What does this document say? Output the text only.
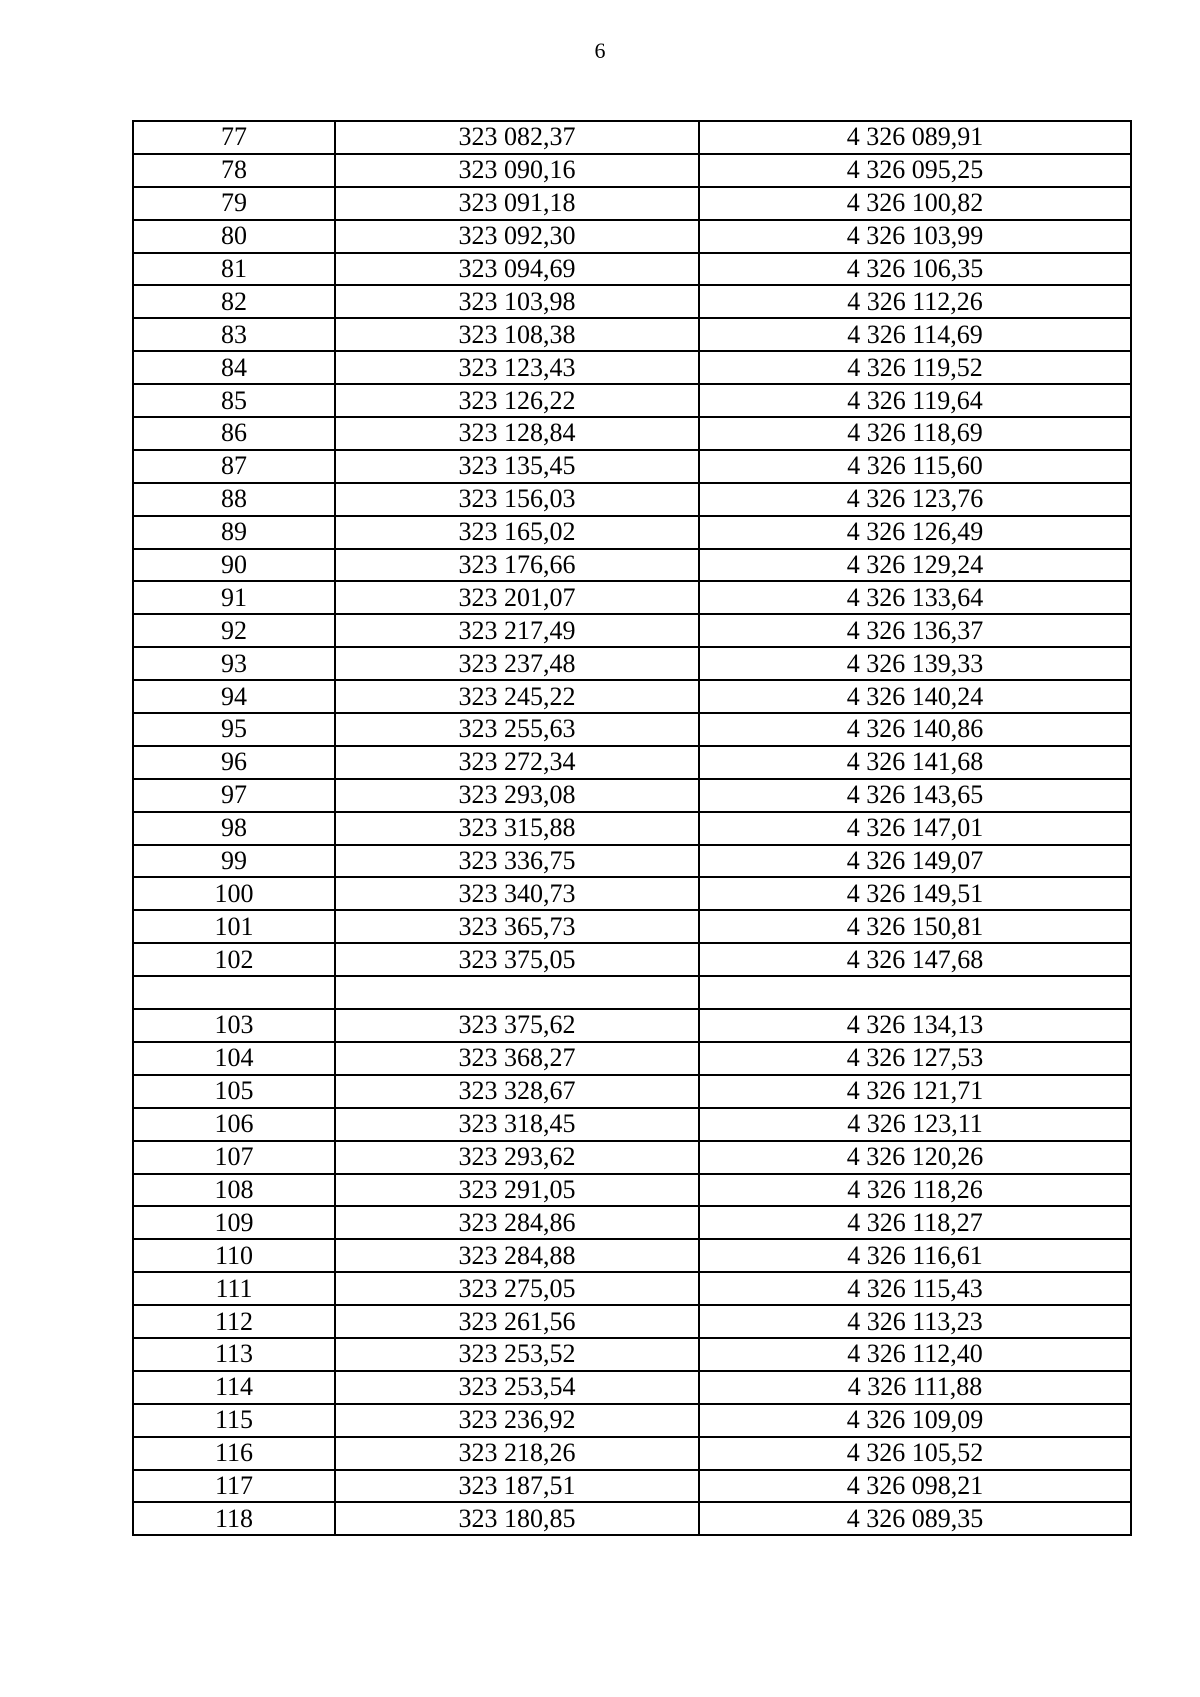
6
77	323 082,37	4 326 089,91
78	323 090,16	4 326 095,25
79	323 091,18	4 326 100,82
80	323 092,30	4 326 103,99
81	323 094,69	4 326 106,35
82	323 103,98	4 326 112,26
83	323 108,38	4 326 114,69
84	323 123,43	4 326 119,52
85	323 126,22	4 326 119,64
86	323 128,84	4 326 118,69
87	323 135,45	4 326 115,60
88	323 156,03	4 326 123,76
89	323 165,02	4 326 126,49
90	323 176,66	4 326 129,24
91	323 201,07	4 326 133,64
92	323 217,49	4 326 136,37
93	323 237,48	4 326 139,33
94	323 245,22	4 326 140,24
95	323 255,63	4 326 140,86
96	323 272,34	4 326 141,68
97	323 293,08	4 326 143,65
98	323 315,88	4 326 147,01
99	323 336,75	4 326 149,07
100	323 340,73	4 326 149,51
101	323 365,73	4 326 150,81
102	323 375,05	4 326 147,68

103	323 375,62	4 326 134,13
104	323 368,27	4 326 127,53
105	323 328,67	4 326 121,71
106	323 318,45	4 326 123,11
107	323 293,62	4 326 120,26
108	323 291,05	4 326 118,26
109	323 284,86	4 326 118,27
110	323 284,88	4 326 116,61
111	323 275,05	4 326 115,43
112	323 261,56	4 326 113,23
113	323 253,52	4 326 112,40
114	323 253,54	4 326 111,88
115	323 236,92	4 326 109,09
116	323 218,26	4 326 105,52
117	323 187,51	4 326 098,21
118	323 180,85	4 326 089,35
